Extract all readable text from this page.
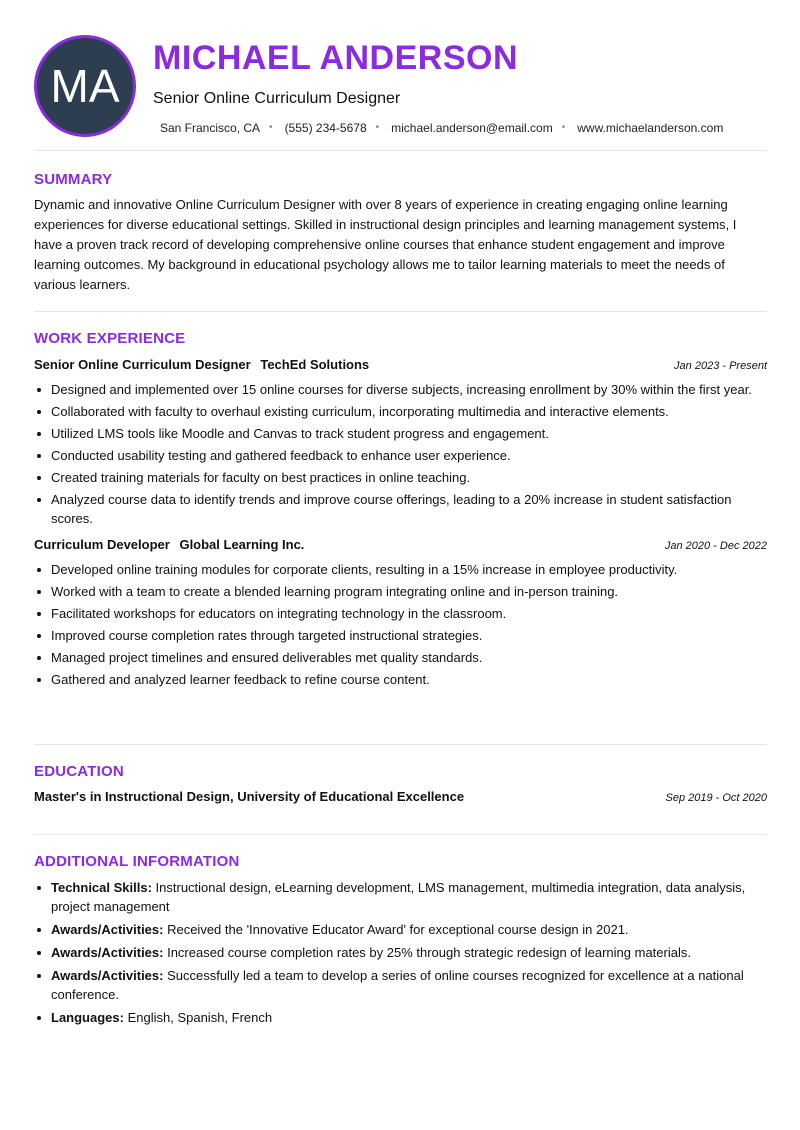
MA
MICHAEL ANDERSON
Senior Online Curriculum Designer
San Francisco, CA • (555) 234-5678 • michael.anderson@email.com • www.michaelanderson.com
SUMMARY

Dynamic and innovative Online Curriculum Designer with over 8 years of experience in creating engaging online learning experiences for diverse educational settings. Skilled in instructional design principles and learning management systems, I have a proven track record of developing comprehensive online courses that enhance student engagement and improve learning outcomes. My background in educational psychology allows me to tailor learning materials to meet the needs of various learners.

WORK EXPERIENCE
Senior Online Curriculum Designer TechEd Solutions	Jan 2023 - Present
Designed and implemented over 15 online courses for diverse subjects, increasing enrollment by 30% within the first year.
Collaborated with faculty to overhaul existing curriculum, incorporating multimedia and interactive elements.
Utilized LMS tools like Moodle and Canvas to track student progress and engagement.
Conducted usability testing and gathered feedback to enhance user experience.
Created training materials for faculty on best practices in online teaching.
Analyzed course data to identify trends and improve course offerings, leading to a 20% increase in student satisfaction scores.
Curriculum Developer Global Learning Inc.	Jan 2020 - Dec 2022
Developed online training modules for corporate clients, resulting in a 15% increase in employee productivity.
Worked with a team to create a blended learning program integrating online and in-person training.
Facilitated workshops for educators on integrating technology in the classroom.
Improved course completion rates through targeted instructional strategies.
Managed project timelines and ensured deliverables met quality standards.
Gathered and analyzed learner feedback to refine course content.
EDUCATION
Master's in Instructional Design, University of Educational Excellence	Sep 2019 - Oct 2020
ADDITIONAL INFORMATION
Technical Skills: Instructional design, eLearning development, LMS management, multimedia integration, data analysis, project management
Awards/Activities: Received the 'Innovative Educator Award' for exceptional course design in 2021.
Awards/Activities: Increased course completion rates by 25% through strategic redesign of learning materials.
Awards/Activities: Successfully led a team to develop a series of online courses recognized for excellence at a national conference.
Languages: English, Spanish, French
